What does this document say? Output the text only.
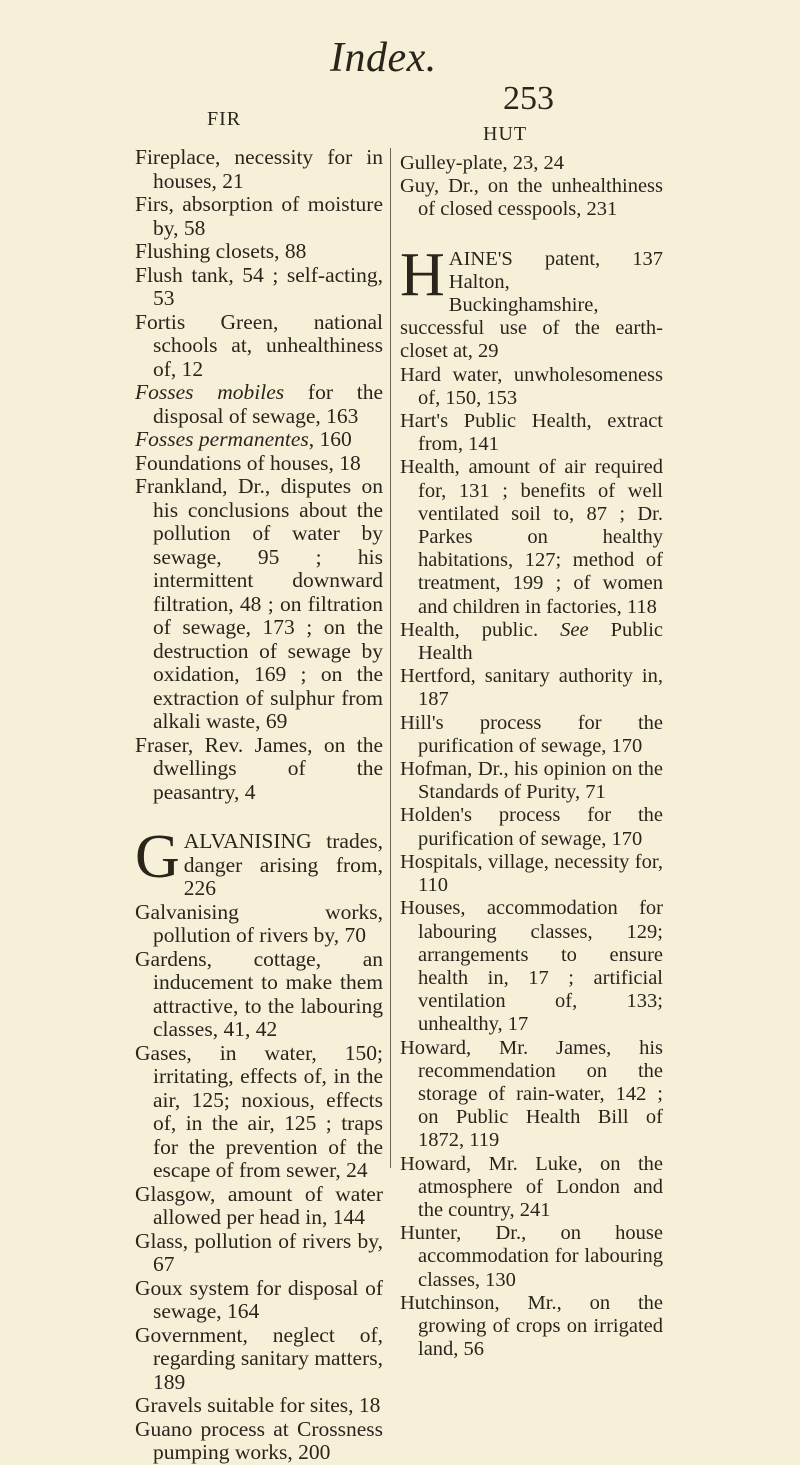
Index.
253
FIR
HUT

Fireplace, necessity for in houses, 21

Firs, absorption of moisture by, 58

Flushing closets, 88

Flush tank, 54 ; self-acting, 53

Fortis Green, national schools at, unhealthiness of, 12

Fosses mobiles for the disposal of sewage, 163

Fosses permanentes, 160

Foundations of houses, 18

Frankland, Dr., disputes on his conclusions about the pollution of water by sewage, 95 ; his intermittent downward filtration, 48 ; on filtration of sewage, 173 ; on the destruction of sewage by oxidation, 169 ; on the extraction of sulphur from alkali waste, 69

Fraser, Rev. James, on the dwellings of the peasantry, 4

GALVANISING trades, danger arising from, 226

Galvanising works, pollution of rivers by, 70

Gardens, cottage, an inducement to make them attractive, to the labouring classes, 41, 42

Gases, in water, 150; irritating, effects of, in the air, 125; noxious, effects of, in the air, 125 ; traps for the prevention of the escape of from sewer, 24

Glasgow, amount of water allowed per head in, 144

Glass, pollution of rivers by, 67

Goux system for disposal of sewage, 164

Government, neglect of, regarding sanitary matters, 189

Gravels suitable for sites, 18

Guano process at Crossness pumping works, 200

Gulley-plate, 23, 24

Guy, Dr., on the unhealthiness of closed cesspools, 231

HAINE'S patent, 137 Halton, Buckinghamshire, successful use of the earth-closet at, 29

Hard water, unwholesomeness of, 150, 153

Hart's Public Health, extract from, 141

Health, amount of air required for, 131 ; benefits of well ventilated soil to, 87 ; Dr. Parkes on healthy habitations, 127; method of treatment, 199 ; of women and children in factories, 118

Health, public. See Public Health

Hertford, sanitary authority in, 187

Hill's process for the purification of sewage, 170

Hofman, Dr., his opinion on the Standards of Purity, 71

Holden's process for the purification of sewage, 170

Hospitals, village, necessity for, 110

Houses, accommodation for labouring classes, 129; arrangements to ensure health in, 17 ; artificial ventilation of, 133; unhealthy, 17

Howard, Mr. James, his recommendation on the storage of rain-water, 142 ; on Public Health Bill of 1872, 119

Howard, Mr. Luke, on the atmosphere of London and the country, 241

Hunter, Dr., on house accommodation for labouring classes, 130

Hutchinson, Mr., on the growing of crops on irrigated land, 56
